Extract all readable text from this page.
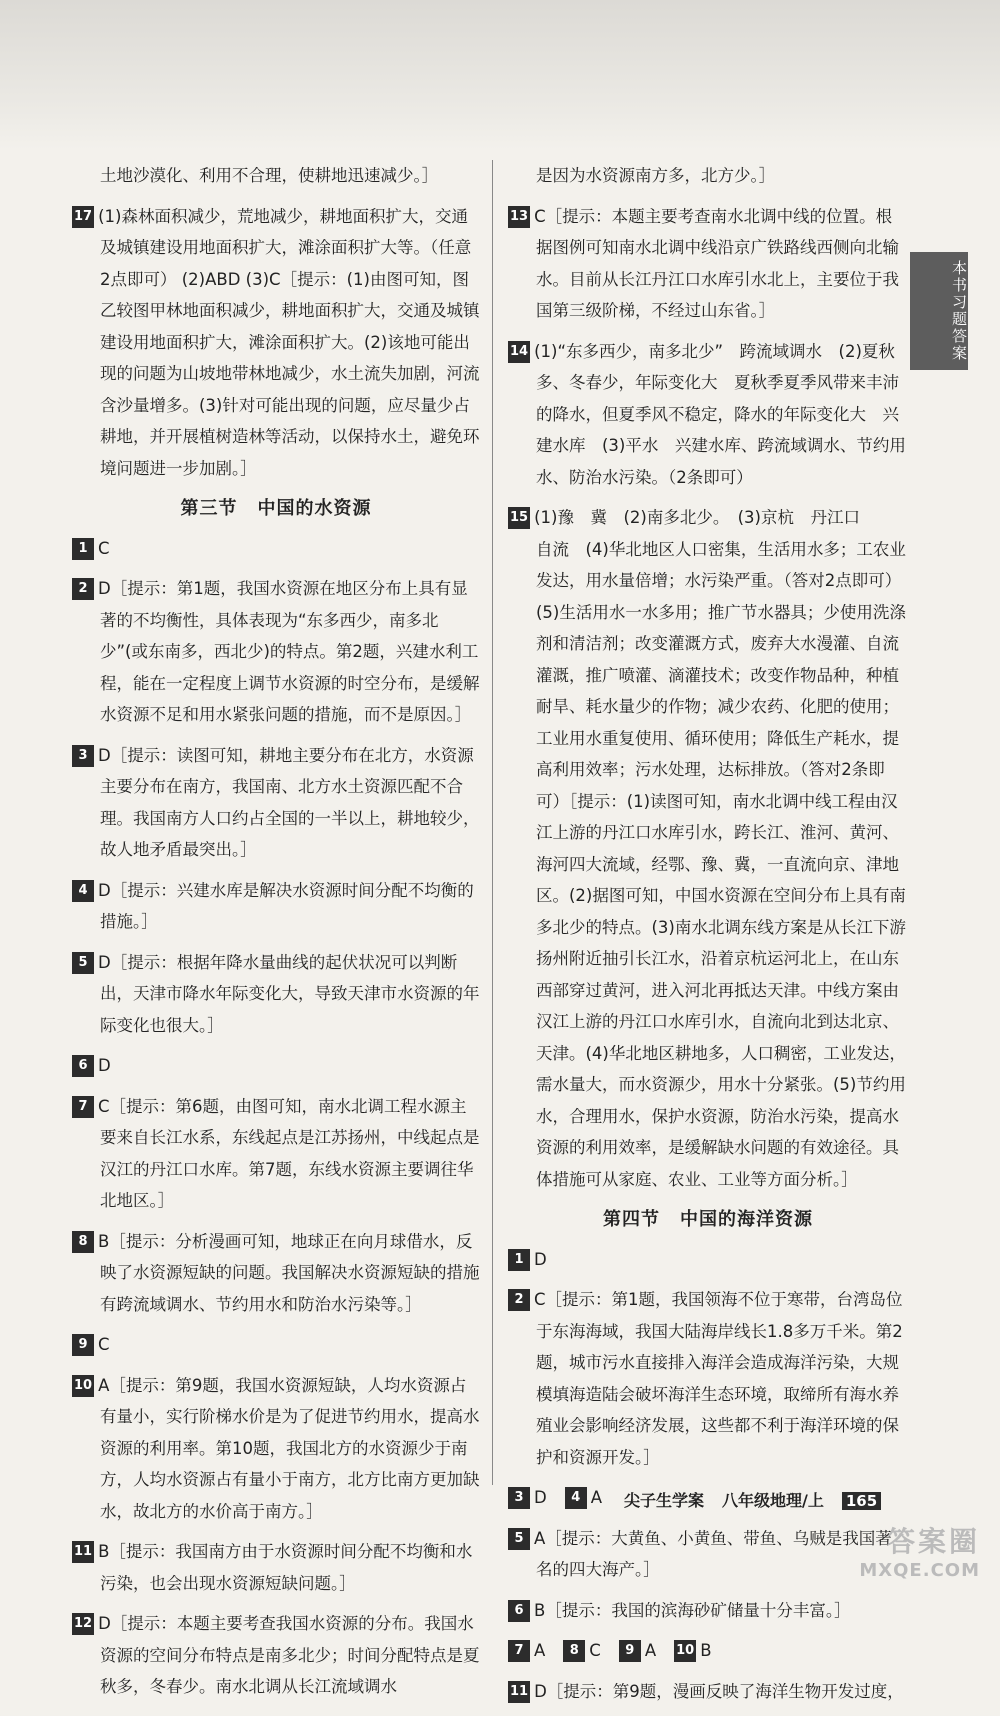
本书习题答案

土地沙漠化、利用不合理，使耕地迅速减少。］

17 (1)森林面积减少，荒地减少，耕地面积扩大，交通及城镇建设用地面积扩大，滩涂面积扩大等。（任意2点即可） (2)ABD (3)C［提示：(1)由图可知，图乙较图甲林地面积减少，耕地面积扩大，交通及城镇建设用地面积扩大，滩涂面积扩大。(2)该地可能出现的问题为山坡地带林地减少，水土流失加剧，河流含沙量增多。(3)针对可能出现的问题，应尽量少占耕地，并开展植树造林等活动，以保持水土，避免环境问题进一步加剧。］

第三节 中国的水资源

1 C

2 D［提示：第1题，我国水资源在地区分布上具有显著的不均衡性，具体表现为“东多西少，南多北少”(或东南多，西北少)的特点。第2题，兴建水利工程，能在一定程度上调节水资源的时空分布，是缓解水资源不足和用水紧张问题的措施，而不是原因。］

3 D［提示：读图可知，耕地主要分布在北方，水资源主要分布在南方，我国南、北方水土资源匹配不合理。我国南方人口约占全国的一半以上，耕地较少，故人地矛盾最突出。］

4 D［提示：兴建水库是解决水资源时间分配不均衡的措施。］

5 D［提示：根据年降水量曲线的起伏状况可以判断出，天津市降水年际变化大，导致天津市水资源的年际变化也很大。］

6 D

7 C［提示：第6题，由图可知，南水北调工程水源主要来自长江水系，东线起点是江苏扬州，中线起点是汉江的丹江口水库。第7题，东线水资源主要调往华北地区。］

8 B［提示：分析漫画可知，地球正在向月球借水，反映了水资源短缺的问题。我国解决水资源短缺的措施有跨流域调水、节约用水和防治水污染等。］

9 C

10 A［提示：第9题，我国水资源短缺，人均水资源占有量小，实行阶梯水价是为了促进节约用水，提高水资源的利用率。第10题，我国北方的水资源少于南方，人均水资源占有量小于南方，北方比南方更加缺水，故北方的水价高于南方。］

11 B［提示：我国南方由于水资源时间分配不均衡和水污染，也会出现水资源短缺问题。］

12 D［提示：本题主要考查我国水资源的分布。我国水资源的空间分布特点是南多北少；时间分配特点是夏秋多，冬春少。南水北调从长江流域调水

是因为水资源南方多，北方少。］

13 C［提示：本题主要考查南水北调中线的位置。根据图例可知南水北调中线沿京广铁路线西侧向北输水。目前从长江丹江口水库引水北上，主要位于我国第三级阶梯，不经过山东省。］

14 (1)“东多西少，南多北少”　跨流域调水　(2)夏秋多、冬春少，年际变化大　夏秋季夏季风带来丰沛的降水，但夏季风不稳定，降水的年际变化大　兴建水库　(3)平水　兴建水库、跨流域调水、节约用水、防治水污染。（2条即可）

15 (1)豫　冀　(2)南多北少。　(3)京杭　丹江口

自流　(4)华北地区人口密集，生活用水多；工农业发达，用水量倍增；水污染严重。（答对2点即可）　(5)生活用水一水多用；推广节水器具；少使用洗涤剂和清洁剂；改变灌溉方式，废弃大水漫灌、自流灌溉，推广喷灌、滴灌技术；改变作物品种，种植耐旱、耗水量少的作物；减少农药、化肥的使用；工业用水重复使用、循环使用；降低生产耗水，提高利用效率；污水处理，达标排放。（答对2条即可）［提示：(1)读图可知，南水北调中线工程由汉江上游的丹江口水库引水，跨长江、淮河、黄河、海河四大流域，经鄂、豫、冀，一直流向京、津地区。(2)据图可知，中国水资源在空间分布上具有南多北少的特点。(3)南水北调东线方案是从长江下游扬州附近抽引长江水，沿着京杭运河北上，在山东西部穿过黄河，进入河北再抵达天津。中线方案由汉江上游的丹江口水库引水，自流向北到达北京、天津。(4)华北地区耕地多，人口稠密，工业发达，需水量大，而水资源少，用水十分紧张。(5)节约用水，合理用水，保护水资源，防治水污染，提高水资源的利用效率，是缓解缺水问题的有效途径。具体措施可从家庭、农业、工业等方面分析。］

第四节 中国的海洋资源

1 D

2 C［提示：第1题，我国领海不位于寒带，台湾岛位于东海海域，我国大陆海岸线长1.8多万千米。第2题，城市污水直接排入海洋会造成海洋污染，大规模填海造陆会破坏海洋生态环境，取缔所有海水养殖业会影响经济发展，这些都不利于海洋环境的保护和资源开发。］

3 D 4 A

5 A［提示：大黄鱼、小黄鱼、带鱼、乌贼是我国著名的四大海产。］

6 B［提示：我国的滨海砂矿储量十分丰富。］

7 A 8 C 9 A 10 B

11 D［提示：第9题，漫画反映了海洋生物开发过度，

尖子生学案 八年级地理/上 165
答案圈
MXQE.COM
